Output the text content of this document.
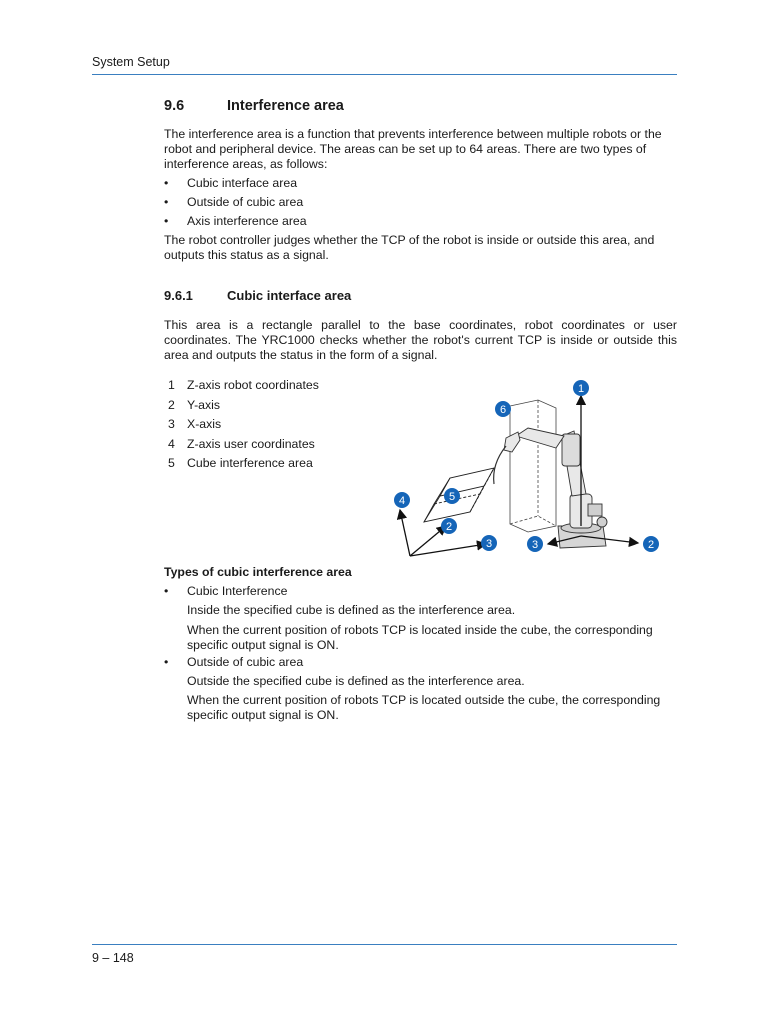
System Setup
9.6	Interference area

The interference area is a function that prevents interference between multiple robots or the robot and peripheral device. The areas can be set up to 64 areas. There are two types of interference areas, as follows:

• Cubic interface area
• Outside of cubic area
• Axis interference area

The robot controller judges whether the TCP of the robot is inside or outside this area, and outputs this status as a signal.

9.6.1	Cubic interface area
This area is a rectangle parallel to the base coordinates, robot coordinates or user coordinates. The YRC1000 checks whether the robot's current TCP is inside or outside this area and outputs the status in the form of a signal.
1 Z-axis robot coordinates
2 Y-axis
3 X-axis
4 Z-axis user coordinates
5 Cube interference area
1
6
5
4
2
3	3	2
Types of cubic interference area
• Cubic Interference

Inside the specified cube is defined as the interference area.

When the current position of robots TCP is located inside the cube, the corresponding specific output signal is ON.

• Outside of cubic area

Outside the specified cube is defined as the interference area.

When the current position of robots TCP is located outside the cube, the corresponding specific output signal is ON.

9 – 148
